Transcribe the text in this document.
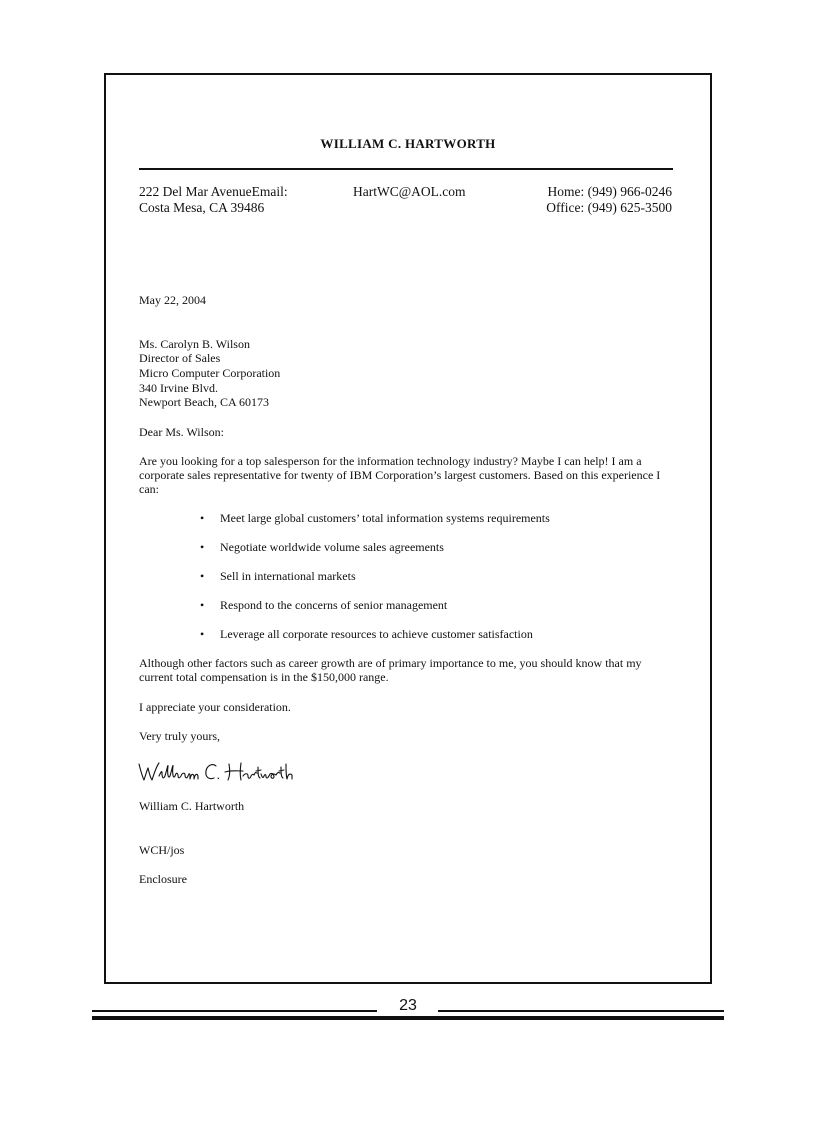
WILLIAM C. HARTWORTH
222 Del Mar AvenueEmail:
Costa Mesa, CA 39486
HartWC@AOL.com	Home: (949) 966-0246
Office: (949) 625-3500
May 22, 2004
Ms. Carolyn B. Wilson
Director of Sales
Micro Computer Corporation
340 Irvine Blvd.
Newport Beach, CA 60173
Dear Ms. Wilson:
Are you looking for a top salesperson for the information technology industry? Maybe I can help! I am a corporate sales representative for twenty of IBM Corporation’s largest customers. Based on this experience I can:
• Meet large global customers’ total information systems requirements
• Negotiate worldwide volume sales agreements
• Sell in international markets
• Respond to the concerns of senior management
• Leverage all corporate resources to achieve customer satisfaction
Although other factors such as career growth are of primary importance to me, you should know that my current total compensation is in the $150,000 range.
I appreciate your consideration.
Very truly yours,
William C. Hartworth
WCH/jos
Enclosure
23
